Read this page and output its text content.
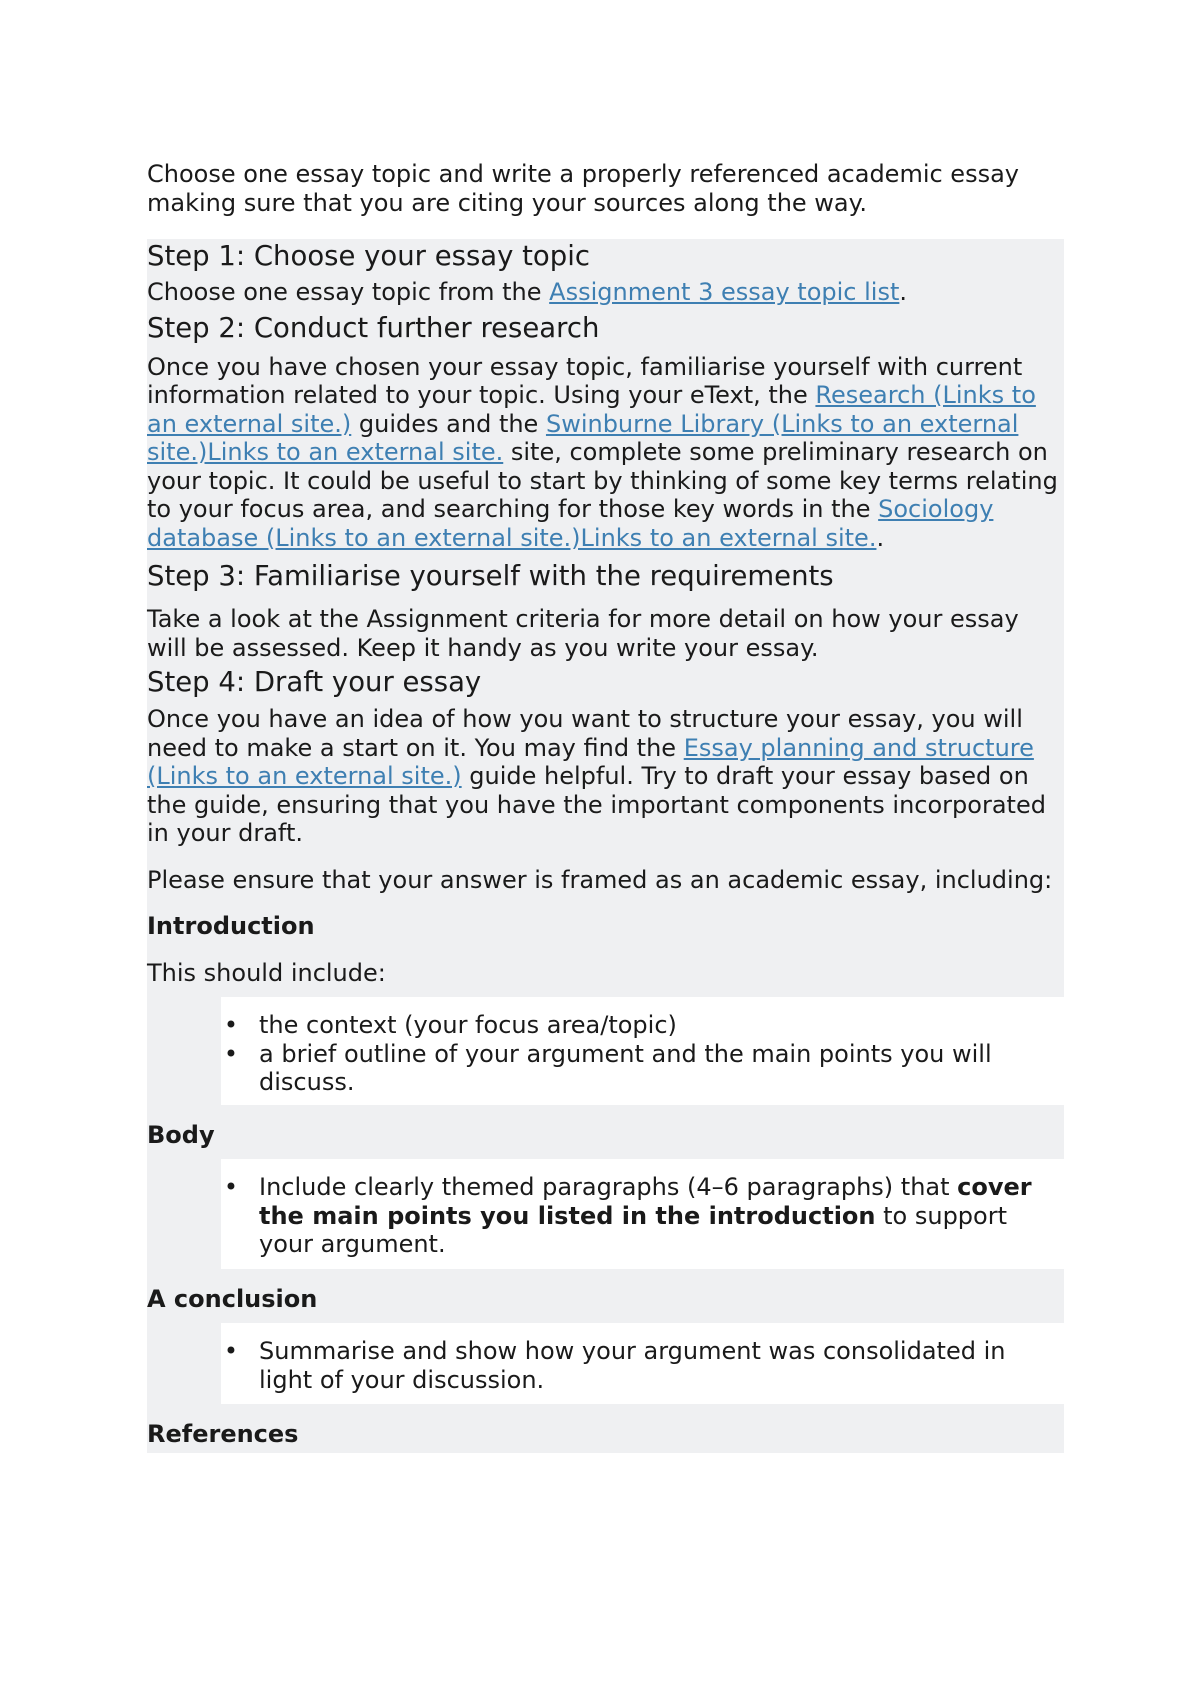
Choose one essay topic and write a properly referenced academic essay making sure that you are citing your sources along the way.

Step 1: Choose your essay topic

Choose one essay topic from the Assignment 3 essay topic list.

Step 2: Conduct further research

Once you have chosen your essay topic, familiarise yourself with current information related to your topic. Using your eText, the Research (Links to an external site.) guides and the Swinburne Library (Links to an external site.)Links to an external site. site, complete some preliminary research on your topic. It could be useful to start by thinking of some key terms relating to your focus area, and searching for those key words in the Sociology database (Links to an external site.)Links to an external site..

Step 3: Familiarise yourself with the requirements

Take a look at the Assignment criteria for more detail on how your essay will be assessed. Keep it handy as you write your essay.

Step 4: Draft your essay

Once you have an idea of how you want to structure your essay, you will need to make a start on it. You may find the Essay planning and structure (Links to an external site.) guide helpful. Try to draft your essay based on the guide, ensuring that you have the important components incorporated in your draft.

Please ensure that your answer is framed as an academic essay, including:

Introduction

This should include:

• the context (your focus area/topic)
• a brief outline of your argument and the main points you will discuss.

Body

• Include clearly themed paragraphs (4–6 paragraphs) that cover the main points you listed in the introduction to support your argument.

A conclusion

• Summarise and show how your argument was consolidated in light of your discussion.

References
